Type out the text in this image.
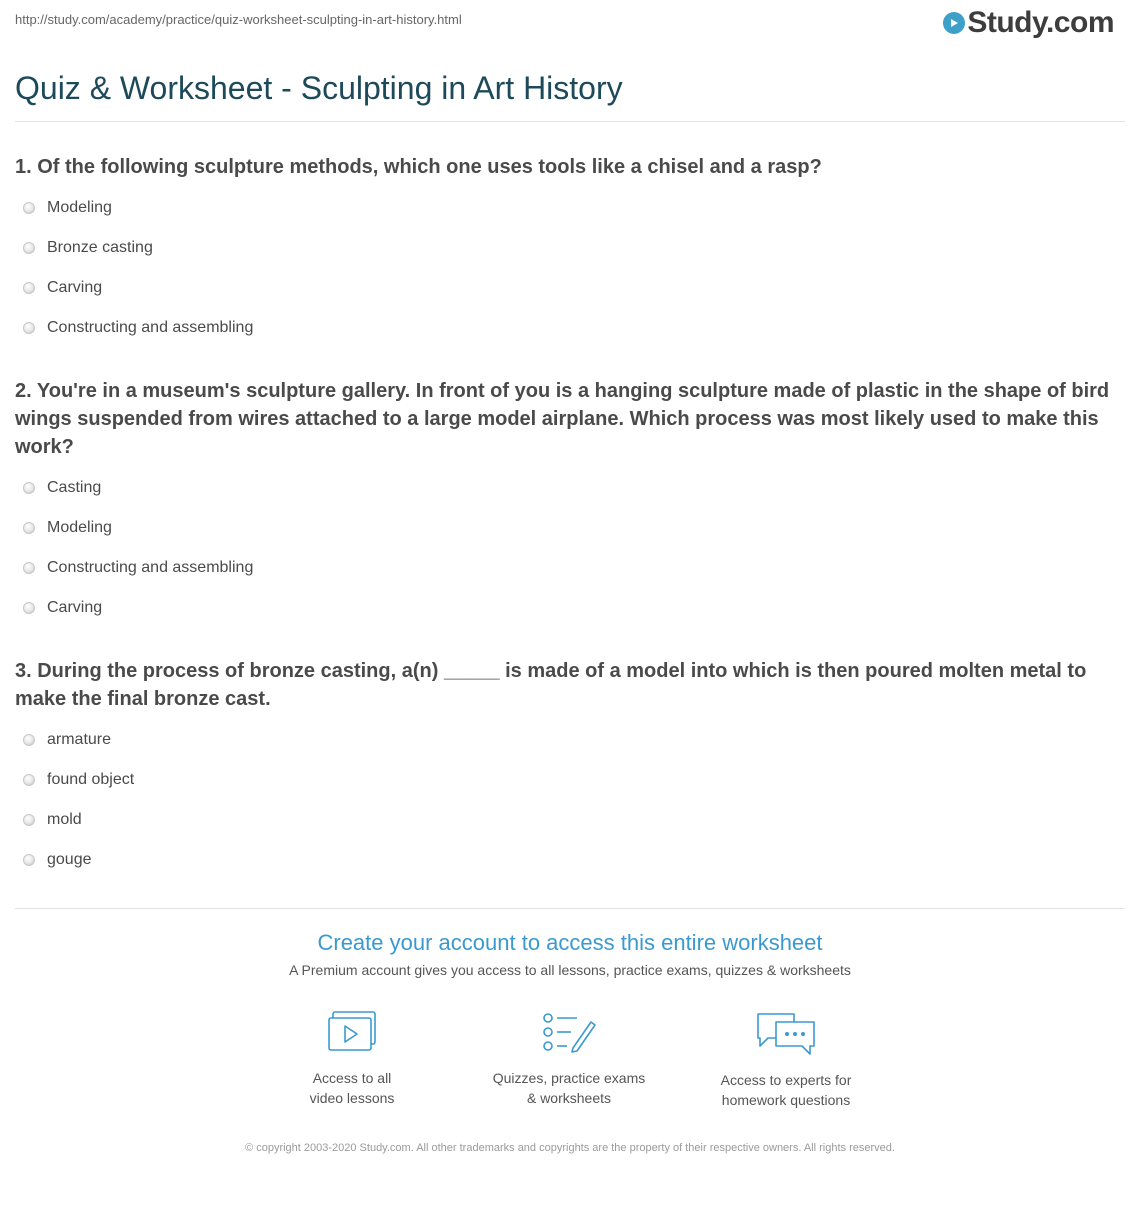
http://study.com/academy/practice/quiz-worksheet-sculpting-in-art-history.html	Study.com
Quiz & Worksheet - Sculpting in Art History

1. Of the following sculpture methods, which one uses tools like a chisel and a rasp?

Modeling
Bronze casting
Carving
Constructing and assembling

2. You're in a museum's sculpture gallery. In front of you is a hanging sculpture made of plastic in the shape of bird wings suspended from wires attached to a large model airplane. Which process was most likely used to make this work?

Casting
Modeling
Constructing and assembling
Carving

3. During the process of bronze casting, a(n) _____ is made of a model into which is then poured molten metal to make the final bronze cast.

armature
found object
mold
gouge

Create your account to access this entire worksheet

A Premium account gives you access to all lessons, practice exams, quizzes & worksheets
Access to all
video lessons
Quizzes, practice exams
& worksheets
Access to experts for
homework questions
© copyright 2003-2020 Study.com. All other trademarks and copyrights are the property of their respective owners. All rights reserved.
